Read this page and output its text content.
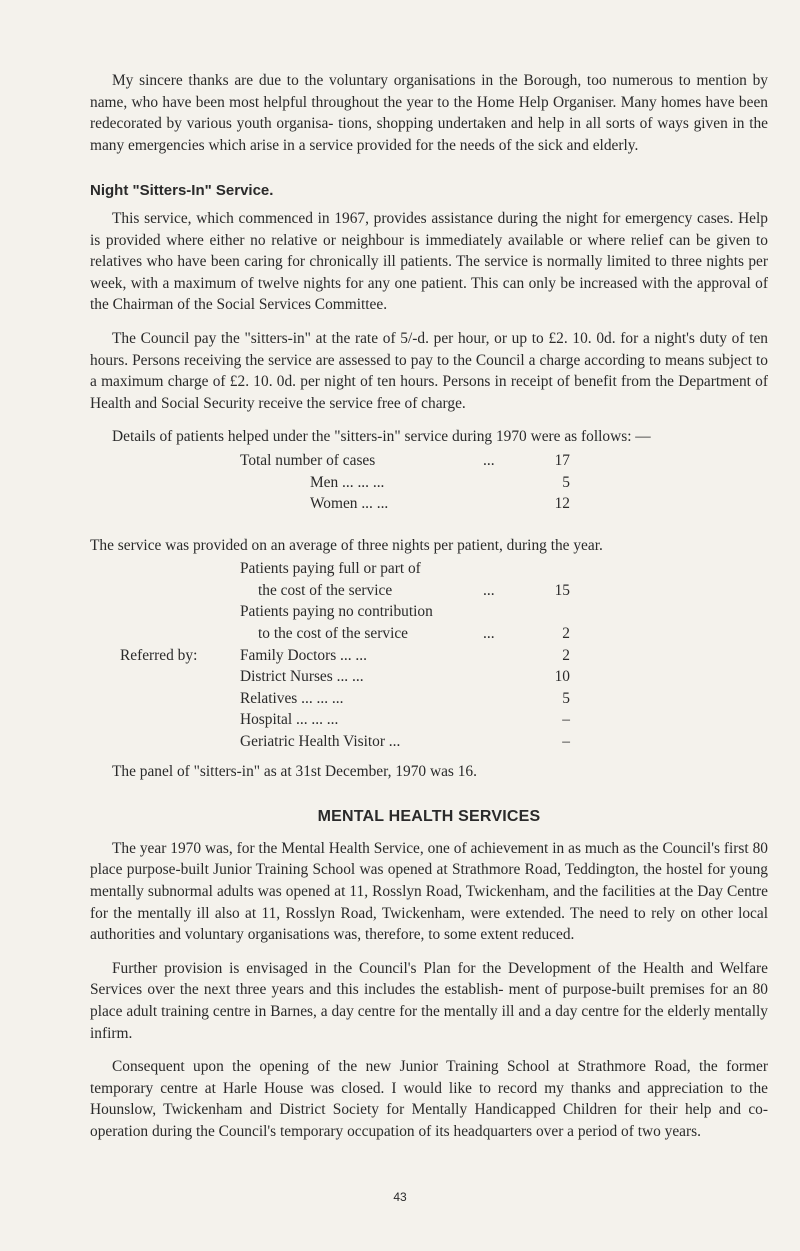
My sincere thanks are due to the voluntary organisations in the Borough, too numerous to mention by name, who have been most helpful throughout the year to the Home Help Organiser. Many homes have been redecorated by various youth organisa- tions, shopping undertaken and help in all sorts of ways given in the many emergencies which arise in a service provided for the needs of the sick and elderly.

Night "Sitters-In" Service.

This service, which commenced in 1967, provides assistance during the night for emergency cases. Help is provided where either no relative or neighbour is immediately available or where relief can be given to relatives who have been caring for chronically ill patients. The service is normally limited to three nights per week, with a maximum of twelve nights for any one patient. This can only be increased with the approval of the Chairman of the Social Services Committee.

The Council pay the "sitters-in" at the rate of 5/-d. per hour, or up to £2. 10. 0d. for a night's duty of ten hours. Persons receiving the service are assessed to pay to the Council a charge according to means subject to a maximum charge of £2. 10. 0d. per night of ten hours. Persons in receipt of benefit from the Department of Health and Social Security receive the service free of charge.

Details of patients helped under the "sitters-in" service during 1970 were as follows: —

Total number of cases	...	17
Men ... ... ...	5
Women ... ...	12

The service was provided on an average of three nights per patient, during the year.

Patients paying full or part of
the cost of the service	...	15
Patients paying no contribution
to the cost of the service	...	2
Referred by:	Family Doctors ... ...	2
District Nurses ... ...	10
Relatives ... ... ...	5
Hospital ... ... ...	–
Geriatric Health Visitor ...	–

The panel of "sitters-in" as at 31st December, 1970 was 16.

MENTAL HEALTH SERVICES

The year 1970 was, for the Mental Health Service, one of achievement in as much as the Council's first 80 place purpose-built Junior Training School was opened at Strathmore Road, Teddington, the hostel for young mentally subnormal adults was opened at 11, Rosslyn Road, Twickenham, and the facilities at the Day Centre for the mentally ill also at 11, Rosslyn Road, Twickenham, were extended. The need to rely on other local authorities and voluntary organisations was, therefore, to some extent reduced.

Further provision is envisaged in the Council's Plan for the Development of the Health and Welfare Services over the next three years and this includes the establish- ment of purpose-built premises for an 80 place adult training centre in Barnes, a day centre for the mentally ill and a day centre for the elderly mentally infirm.

Consequent upon the opening of the new Junior Training School at Strathmore Road, the former temporary centre at Harle House was closed. I would like to record my thanks and appreciation to the Hounslow, Twickenham and District Society for Mentally Handicapped Children for their help and co-operation during the Council's temporary occupation of its headquarters over a period of two years.

43
